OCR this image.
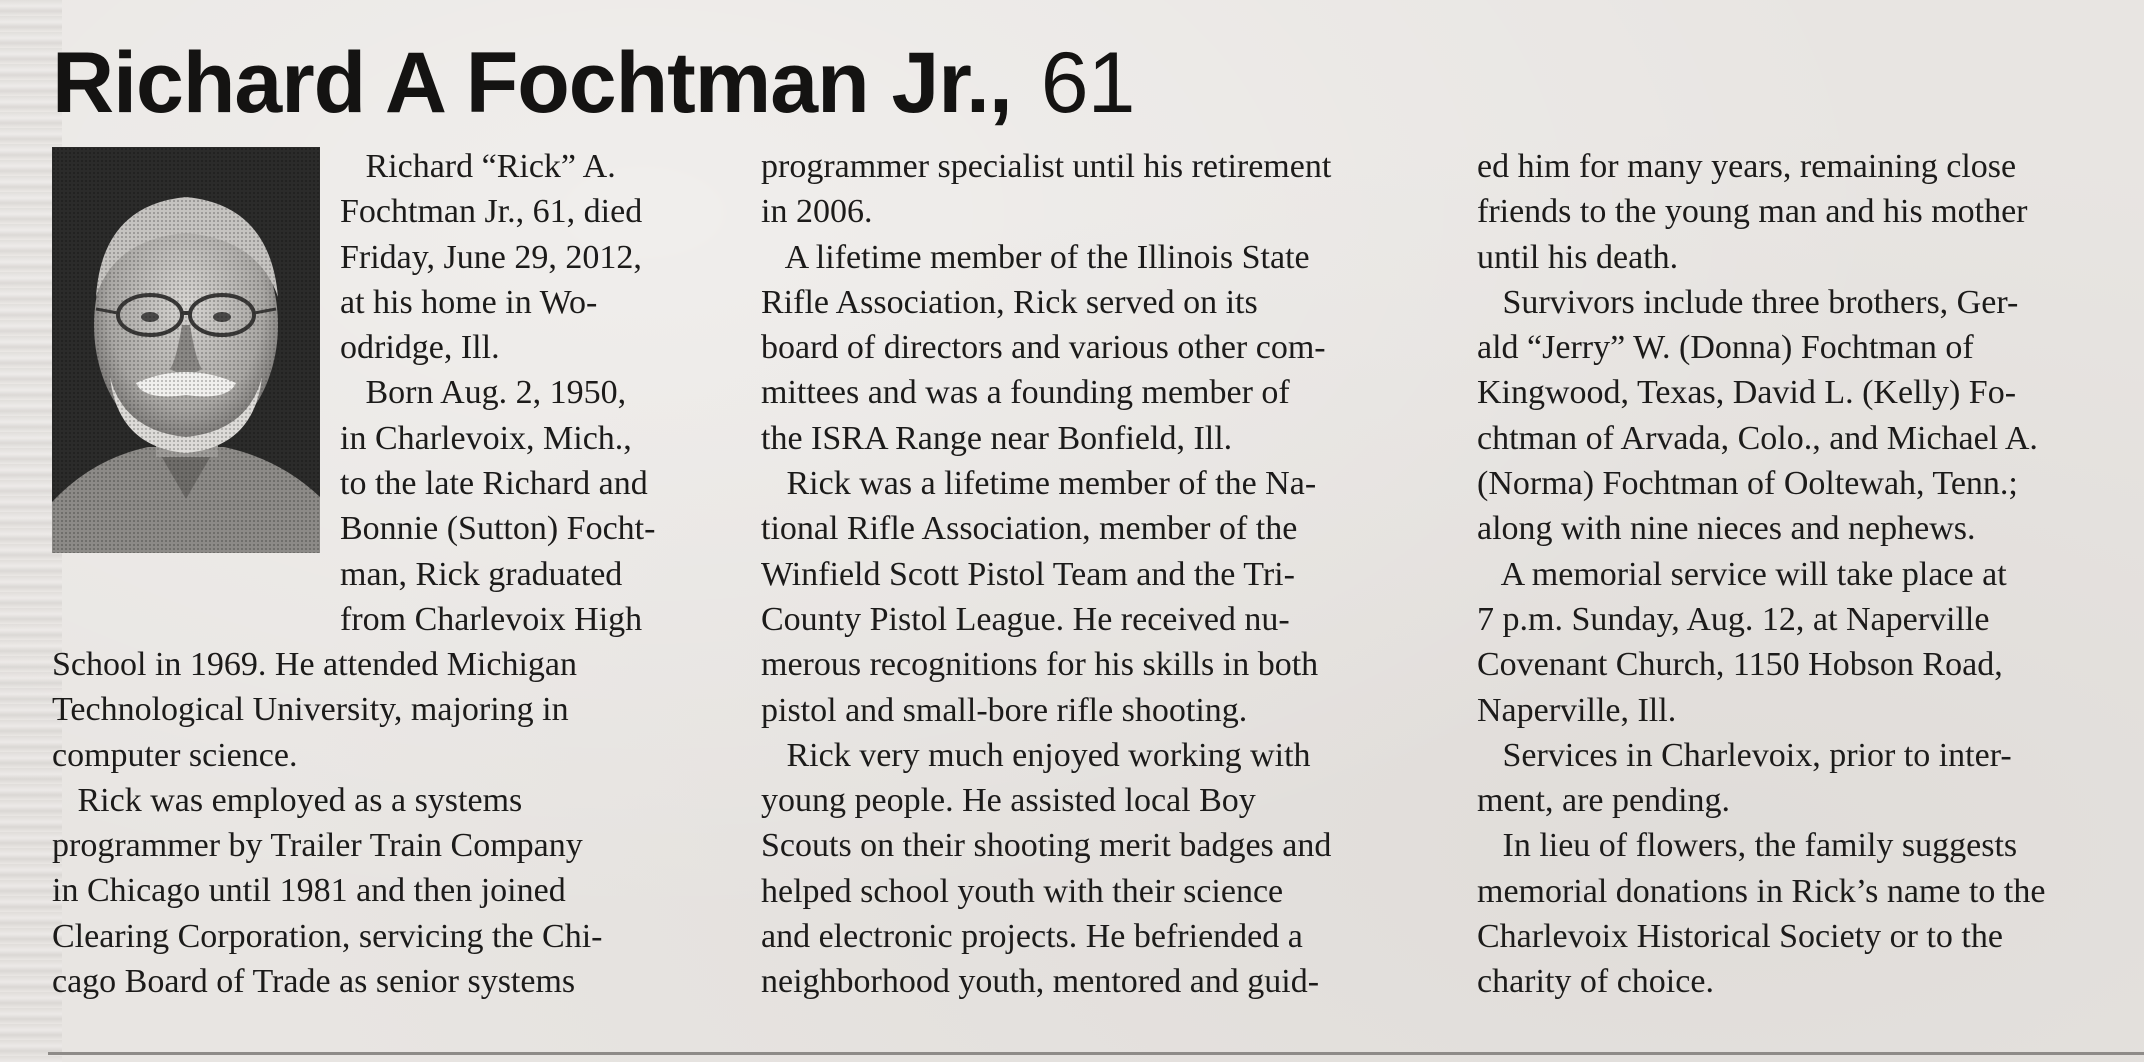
Richard A Fochtman Jr., 61
Richard “Rick” A.
Fochtman Jr., 61, died
Friday, June 29, 2012,
at his home in Wo-
odridge, Ill.
Born Aug. 2, 1950,
in Charlevoix, Mich.,
to the late Richard and
Bonnie (Sutton) Focht-
man, Rick graduated
from Charlevoix High
School in 1969. He attended Michigan
Technological University, majoring in
computer science.
Rick was employed as a systems
programmer by Trailer Train Company
in Chicago until 1981 and then joined
Clearing Corporation, servicing the Chi-
cago Board of Trade as senior systems
programmer specialist until his retirement
in 2006.
A lifetime member of the Illinois State
Rifle Association, Rick served on its
board of directors and various other com-
mittees and was a founding member of
the ISRA Range near Bonfield, Ill.
Rick was a lifetime member of the Na-
tional Rifle Association, member of the
Winfield Scott Pistol Team and the Tri-
County Pistol League. He received nu-
merous recognitions for his skills in both
pistol and small-bore rifle shooting.
Rick very much enjoyed working with
young people. He assisted local Boy
Scouts on their shooting merit badges and
helped school youth with their science
and electronic projects. He befriended a
neighborhood youth, mentored and guid-
ed him for many years, remaining close
friends to the young man and his mother
until his death.
Survivors include three brothers, Ger-
ald “Jerry” W. (Donna) Fochtman of
Kingwood, Texas, David L. (Kelly) Fo-
chtman of Arvada, Colo., and Michael A.
(Norma) Fochtman of Ooltewah, Tenn.;
along with nine nieces and nephews.
A memorial service will take place at
7 p.m. Sunday, Aug. 12, at Naperville
Covenant Church, 1150 Hobson Road,
Naperville, Ill.
Services in Charlevoix, prior to inter-
ment, are pending.
In lieu of flowers, the family suggests
memorial donations in Rick’s name to the
Charlevoix Historical Society or to the
charity of choice.
